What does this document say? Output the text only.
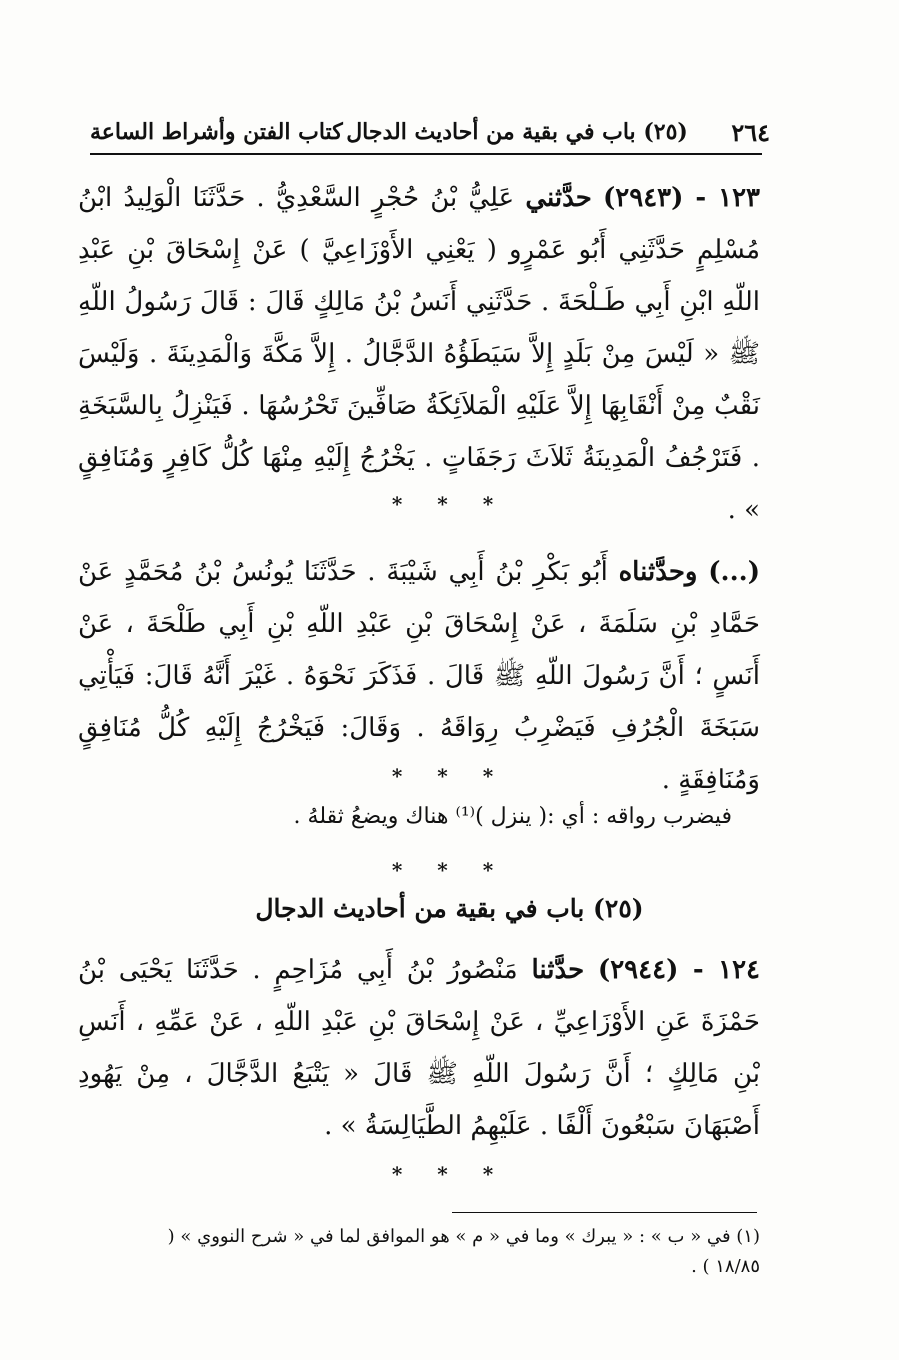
٢٦٤
(٢٥) باب في بقية من أحاديث الدجال
كتاب الفتن وأشراط الساعة
١٢٣ - (٢٩٤٣) حدَّثني عَلِيُّ بْنُ حُجْرٍ السَّعْدِيُّ . حَدَّثَنَا الْوَلِيدُ ابْنُ مُسْلِمٍ حَدَّثَنِي أَبُو عَمْرٍو ( يَعْنِي الأَوْزَاعِيَّ ) عَنْ إِسْحَاقَ بْنِ عَبْدِ اللّهِ ابْنِ أَبِي طَـلْحَةَ . حَدَّثَنِي أَنَسُ بْنُ مَالِكٍ قَالَ : قَالَ رَسُولُ اللّهِ ﷺ « لَيْسَ مِنْ بَلَدٍ إِلاَّ سَيَطَؤُهُ الدَّجَّالُ . إِلاَّ مَكَّةَ وَالْمَدِينَةَ . وَلَيْسَ نَقْبٌ مِنْ أَنْقَابِهَا إِلاَّ عَلَيْهِ الْمَلاَئِكَةُ صَافِّينَ تَحْرُسُهَا . فَيَنْزِلُ بِالسَّبَخَةِ . فَتَرْجُفُ الْمَدِينَةُ ثَلاَثَ رَجَفَاتٍ . يَخْرُجُ إِلَيْهِ مِنْهَا كُلُّ كَافِرٍ وَمُنَافِقٍ » .
* * *
(...) وحدَّثناه أَبُو بَكْرِ بْنُ أَبِي شَيْبَةَ . حَدَّثَنَا يُونُسُ بْنُ مُحَمَّدٍ عَنْ حَمَّادِ بْنِ سَلَمَةَ ، عَنْ إِسْحَاقَ بْنِ عَبْدِ اللّهِ بْنِ أَبِي طَلْحَةَ ، عَنْ أَنَسٍ ؛ أَنَّ رَسُولَ اللّهِ ﷺ قَالَ . فَذَكَرَ نَحْوَهُ . غَيْرَ أَنَّهُ قَالَ: فَيَأْتِي سَبَخَةَ الْجُرُفِ فَيَضْرِبُ رِوَاقَهُ . وَقَالَ: فَيَخْرُجُ إِلَيْهِ كُلُّ مُنَافِقٍ وَمُنَافِقَةٍ .
* * *
فيضرب رواقه : أي :( ينزل )⁽¹⁾ هناك ويضعُ ثقلهُ .
* * *
(٢٥) باب في بقية من أحاديث الدجال
١٢٤ - (٢٩٤٤) حدَّثنا مَنْصُورُ بْنُ أَبِي مُزَاحِمٍ . حَدَّثَنَا يَحْيَى بْنُ حَمْزَةَ عَنِ الأَوْزَاعِيِّ ، عَنْ إِسْحَاقَ بْنِ عَبْدِ اللّهِ ، عَنْ عَمِّهِ ، أَنَسِ بْنِ مَالِكٍ ؛ أَنَّ رَسُولَ اللّهِ ﷺ قَالَ « يَتْبَعُ الدَّجَّالَ ، مِنْ يَهُودِ أَصْبَهَانَ سَبْعُونَ أَلْفًا . عَلَيْهِمُ الطَّيَالِسَةُ » .
* * *
(١) في « ب » : « يبرك » وما في « م » هو الموافق لما في « شرح النووي » ( ١٨/٨٥ ) .
